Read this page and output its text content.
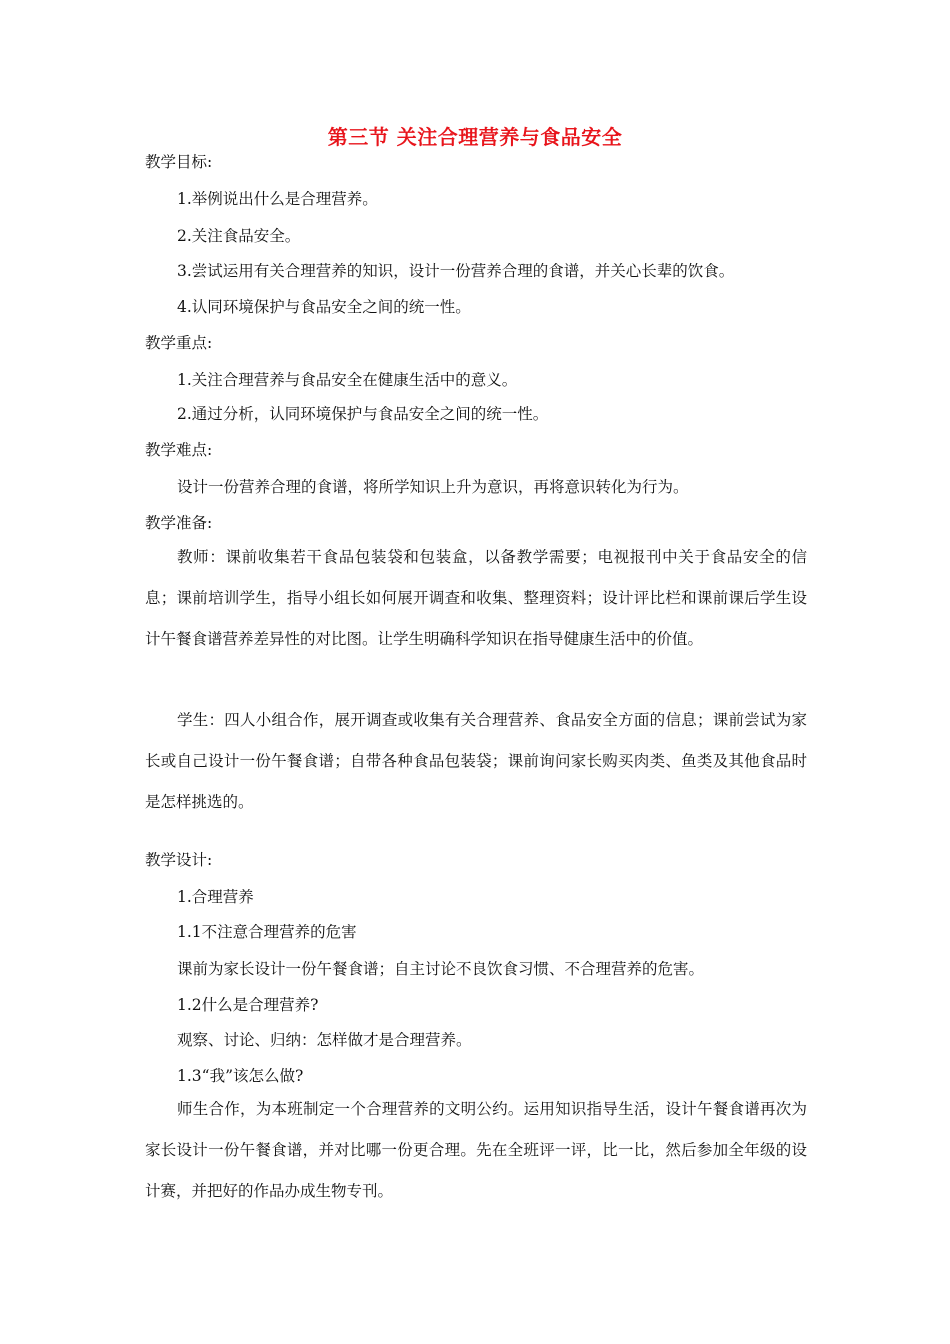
第三节 关注合理营养与食品安全
教学目标:
1.举例说出什么是合理营养。
2.关注食品安全。
3.尝试运用有关合理营养的知识，设计一份营养合理的食谱，并关心长辈的饮食。
4.认同环境保护与食品安全之间的统一性。
教学重点:
1.关注合理营养与食品安全在健康生活中的意义。
2.通过分析，认同环境保护与食品安全之间的统一性。
教学难点:
设计一份营养合理的食谱，将所学知识上升为意识，再将意识转化为行为。
教学准备:
教师：课前收集若干食品包装袋和包装盒，以备教学需要；电视报刊中关于食品安全的信息；课前培训学生，指导小组长如何展开调查和收集、整理资料；设计评比栏和课前课后学生设计午餐食谱营养差异性的对比图。让学生明确科学知识在指导健康生活中的价值。
学生：四人小组合作，展开调查或收集有关合理营养、食品安全方面的信息；课前尝试为家长或自己设计一份午餐食谱；自带各种食品包装袋；课前询问家长购买肉类、鱼类及其他食品时是怎样挑选的。
教学设计:
1.合理营养
1.1不注意合理营养的危害
课前为家长设计一份午餐食谱；自主讨论不良饮食习惯、不合理营养的危害。
1.2什么是合理营养?
观察、讨论、归纳：怎样做才是合理营养。
1.3“我”该怎么做?
师生合作，为本班制定一个合理营养的文明公约。运用知识指导生活，设计午餐食谱再次为家长设计一份午餐食谱，并对比哪一份更合理。先在全班评一评，比一比，然后参加全年级的设计赛，并把好的作品办成生物专刊。
